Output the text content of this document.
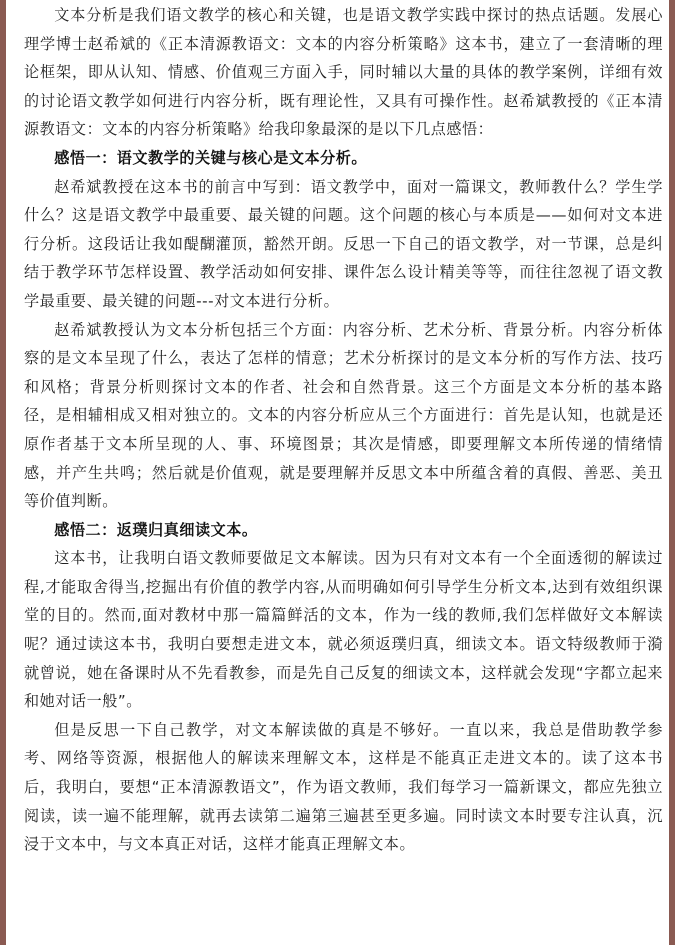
文本分析是我们语文教学的核心和关键，也是语文教学实践中探讨的热点话题。发展心理学博士赵希斌的《正本清源教语文：文本的内容分析策略》这本书，建立了一套清晰的理论框架，即从认知、情感、价值观三方面入手，同时辅以大量的具体的教学案例，详细有效的讨论语文教学如何进行内容分析，既有理论性，又具有可操作性。赵希斌教授的《正本清源教语文：文本的内容分析策略》给我印象最深的是以下几点感悟：

感悟一：语文教学的关键与核心是文本分析。

赵希斌教授在这本书的前言中写到：语文教学中，面对一篇课文，教师教什么？学生学什么？这是语文教学中最重要、最关键的问题。这个问题的核心与本质是——如何对文本进行分析。这段话让我如醍醐灌顶，豁然开朗。反思一下自己的语文教学，对一节课，总是纠结于教学环节怎样设置、教学活动如何安排、课件怎么设计精美等等，而往往忽视了语文教学最重要、最关键的问题---对文本进行分析。

赵希斌教授认为文本分析包括三个方面：内容分析、艺术分析、背景分析。内容分析体察的是文本呈现了什么，表达了怎样的情意；艺术分析探讨的是文本分析的写作方法、技巧和风格；背景分析则探讨文本的作者、社会和自然背景。这三个方面是文本分析的基本路径，是相辅相成又相对独立的。文本的内容分析应从三个方面进行：首先是认知，也就是还原作者基于文本所呈现的人、事、环境图景；其次是情感，即要理解文本所传递的情绪情感，并产生共鸣；然后就是价值观，就是要理解并反思文本中所蕴含着的真假、善恶、美丑等价值判断。

感悟二：返璞归真细读文本。

这本书，让我明白语文教师要做足文本解读。因为只有对文本有一个全面透彻的解读过程,才能取舍得当,挖掘出有价值的教学内容,从而明确如何引导学生分析文本,达到有效组织课堂的目的。然而,面对教材中那一篇篇鲜活的文本，作为一线的教师,我们怎样做好文本解读呢？通过读这本书，我明白要想走进文本，就必须返璞归真，细读文本。语文特级教师于漪就曾说，她在备课时从不先看教参，而是先自己反复的细读文本，这样就会发现“字都立起来和她对话一般”。

但是反思一下自己教学，对文本解读做的真是不够好。一直以来，我总是借助教学参考、网络等资源，根据他人的解读来理解文本，这样是不能真正走进文本的。读了这本书后，我明白，要想“正本清源教语文”，作为语文教师，我们每学习一篇新课文，都应先独立阅读，读一遍不能理解，就再去读第二遍第三遍甚至更多遍。同时读文本时要专注认真，沉浸于文本中，与文本真正对话，这样才能真正理解文本。
